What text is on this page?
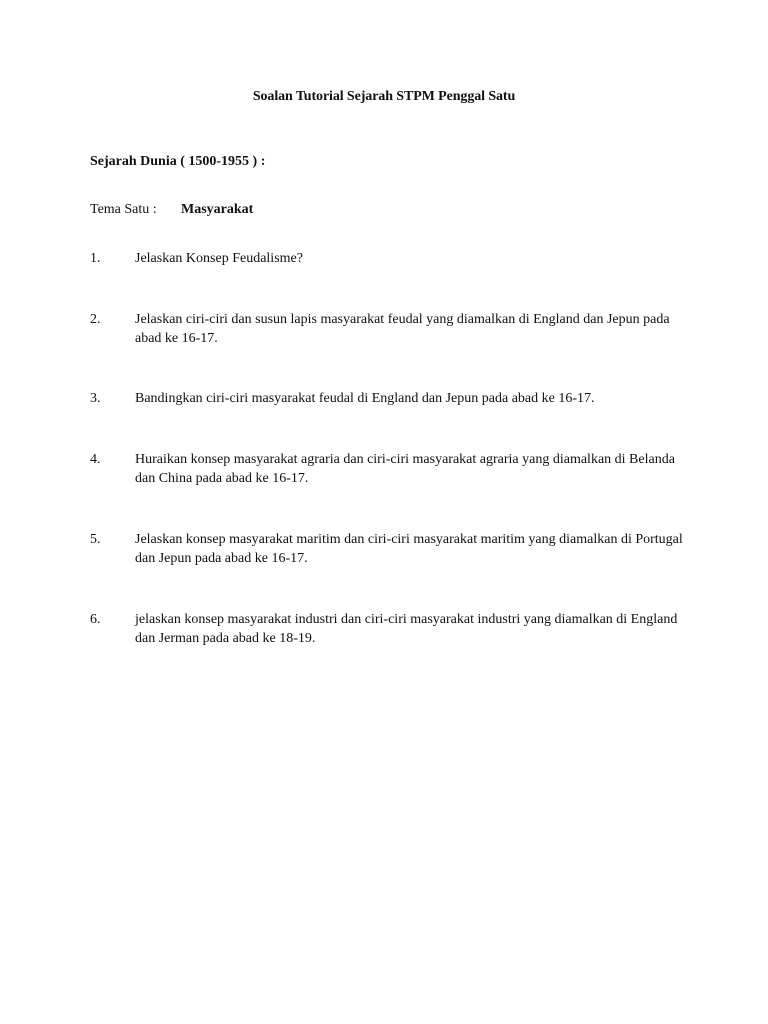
Soalan Tutorial Sejarah STPM Penggal Satu
Sejarah Dunia ( 1500-1955 ) :
Tema Satu : Masyarakat
1. Jelaskan Konsep Feudalisme?
2. Jelaskan ciri-ciri dan susun lapis masyarakat feudal yang diamalkan di England dan Jepun pada abad ke 16-17.
3. Bandingkan ciri-ciri masyarakat feudal di England dan Jepun pada abad ke 16-17.
4. Huraikan konsep masyarakat agraria dan ciri-ciri masyarakat agraria yang diamalkan di Belanda dan China pada abad ke 16-17.
5. Jelaskan konsep masyarakat maritim dan ciri-ciri masyarakat maritim yang diamalkan di Portugal dan Jepun pada abad ke 16-17.
6. jelaskan konsep masyarakat industri dan ciri-ciri masyarakat industri yang diamalkan di England dan Jerman pada abad ke 18-19.
